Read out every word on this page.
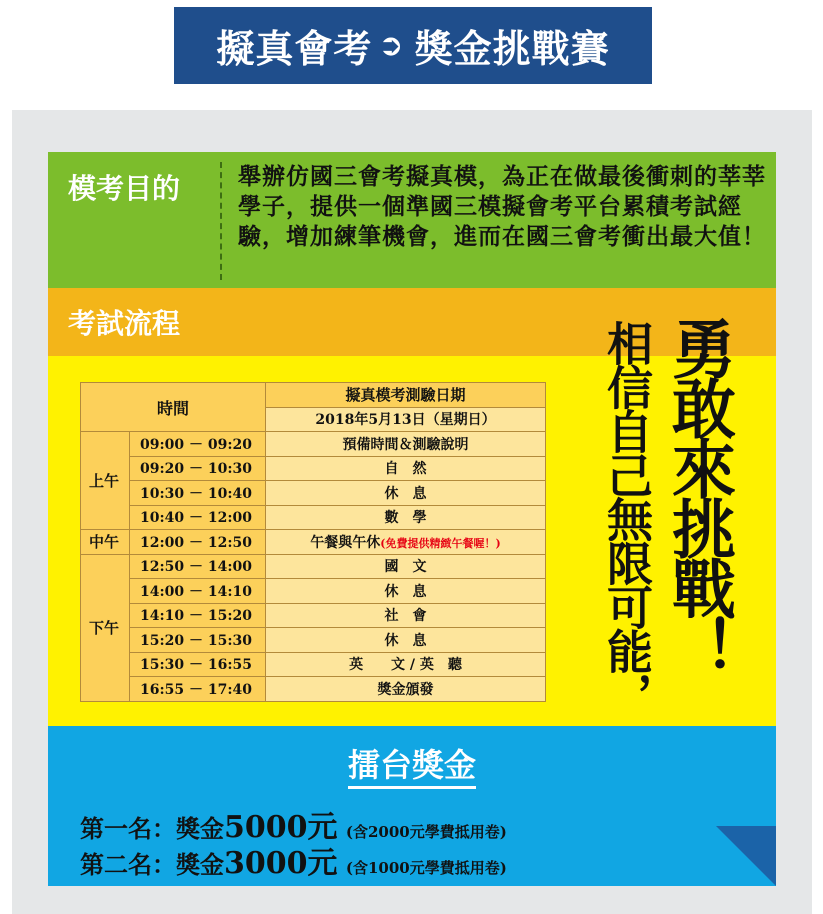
擬真會考 ➲ 獎金挑戰賽
模考目的	舉辦仿國三會考擬真模，為正在做最後衝刺的莘莘學子，提供一個準國三模擬會考平台累積考試經驗，增加練筆機會，進而在國三會考衝出最大值！
考試流程
時間		擬真模考測驗日期
		2018年5月13日（星期日）
上午	09:00 － 09:20	預備時間＆測驗說明
	09:20 － 10:30	自　然
	10:30 － 10:40	休　息
	10:40 － 12:00	數　學
中午	12:00 － 12:50	午餐與午休(免費提供精緻午餐喔！)
下午	12:50 － 14:00	國　文
	14:00 － 14:10	休　息
	14:10 － 15:20	社　會
	15:20 － 15:30	休　息
	15:30 － 16:55	英　　文 / 英　聽
	16:55 － 17:40	獎金頒發
勇敢來挑戰！
相信自己無限可能，
擂台獎金
第一名：獎金5000元 (含2000元學費抵用卷)
第二名：獎金3000元 (含1000元學費抵用卷)
